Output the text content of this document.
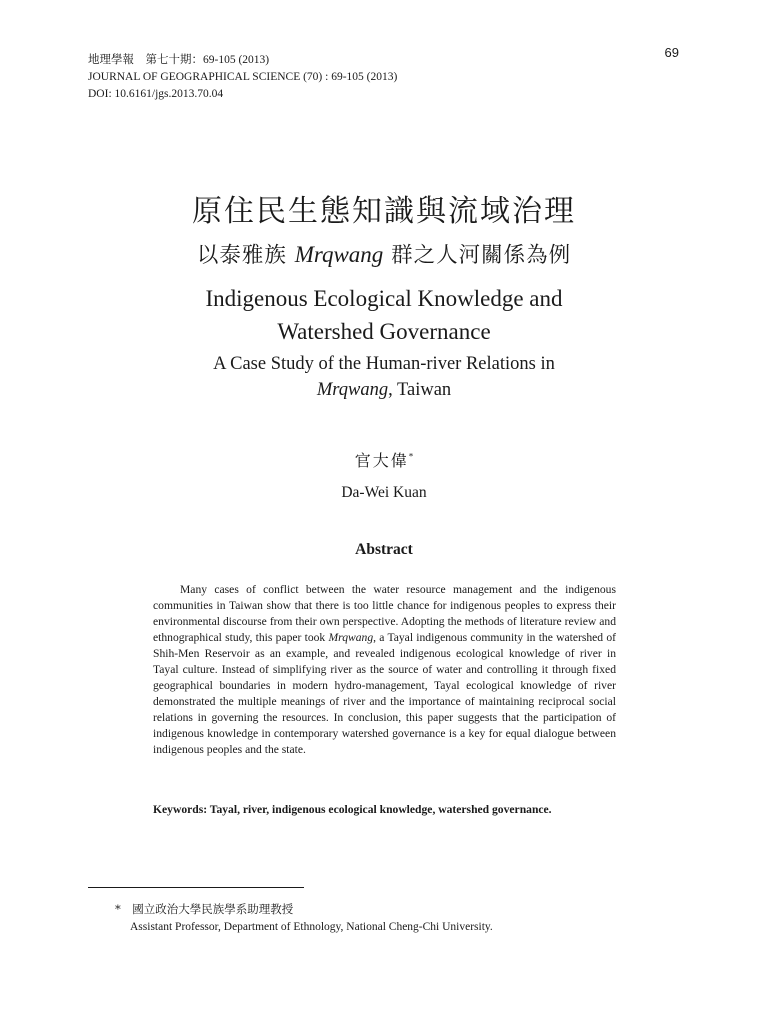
地理學報　第七十期：69-105 (2013)
JOURNAL OF GEOGRAPHICAL SCIENCE (70) : 69-105 (2013)
DOI: 10.6161/jgs.2013.70.04
69
原住民生態知識與流域治理
以泰雅族 Mrqwang 群之人河關係為例
Indigenous Ecological Knowledge and
Watershed Governance
A Case Study of the Human-river Relations in
Mrqwang, Taiwan
官大偉*
Da-Wei Kuan
Abstract

Many cases of conflict between the water resource management and the indigenous communities in Taiwan show that there is too little chance for indigenous peoples to express their environmental discourse from their own perspective. Adopting the methods of literature review and ethnographical study, this paper took Mrqwang, a Tayal indigenous community in the watershed of Shih-Men Reservoir as an example, and revealed indigenous ecological knowledge of river in Tayal culture. Instead of simplifying river as the source of water and controlling it through fixed geographical boundaries in modern hydro-management, Tayal ecological knowledge of river demonstrated the multiple meanings of river and the importance of maintaining reciprocal social relations in governing the resources. In conclusion, this paper suggests that the participation of indigenous knowledge in contemporary watershed governance is a key for equal dialogue between indigenous peoples and the state.

Keywords: Tayal, river, indigenous ecological knowledge, watershed governance.
*　國立政治大學民族學系助理教授
Assistant Professor, Department of Ethnology, National Cheng-Chi University.
